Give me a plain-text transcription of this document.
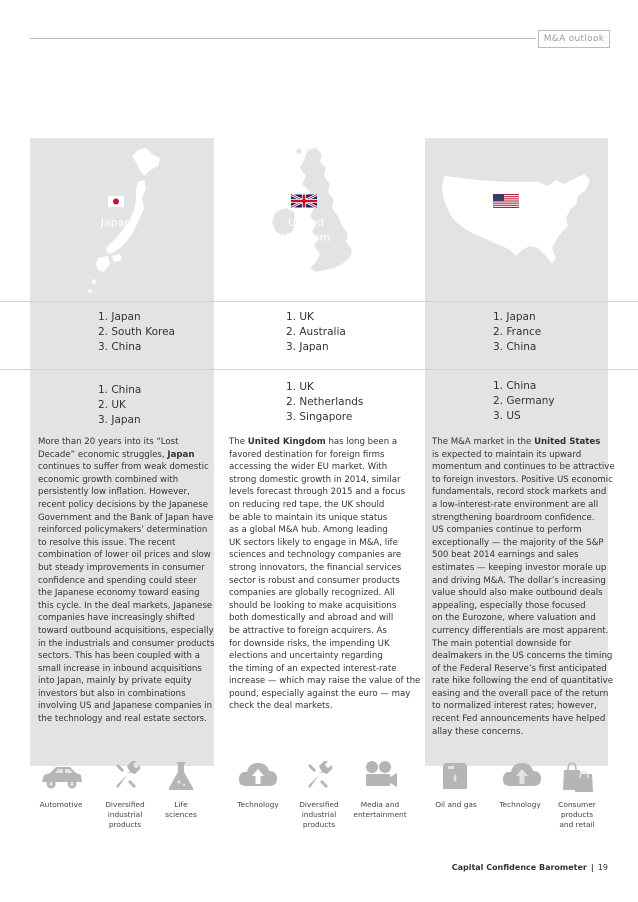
M&A outlook
Japan	United
Kingdom
United
States
1. Japan
2. South Korea
3. China
1. UK
2. Australia
3. Japan
1. Japan
2. France
3. China
1. China
2. UK
3. Japan
1. UK
2. Netherlands
3. Singapore
1. China
2. Germany
3. US
More than 20 years into its “Lost
Decade” economic struggles, Japan
continues to suffer from weak domestic
economic growth combined with
persistently low inflation. However,
recent policy decisions by the Japanese
Government and the Bank of Japan have
reinforced policymakers’ determination
to resolve this issue. The recent
combination of lower oil prices and slow
but steady improvements in consumer
confidence and spending could steer
the Japanese economy toward easing
this cycle. In the deal markets, Japanese
companies have increasingly shifted
toward outbound acquisitions, especially
in the industrials and consumer products
sectors. This has been coupled with a
small increase in inbound acquisitions
into Japan, mainly by private equity
investors but also in combinations
involving US and Japanese companies in
the technology and real estate sectors.
The United Kingdom has long been a
favored destination for foreign firms
accessing the wider EU market. With
strong domestic growth in 2014, similar
levels forecast through 2015 and a focus
on reducing red tape, the UK should
be able to maintain its unique status
as a global M&A hub. Among leading
UK sectors likely to engage in M&A, life
sciences and technology companies are
strong innovators, the financial services
sector is robust and consumer products
companies are globally recognized. All
should be looking to make acquisitions
both domestically and abroad and will
be attractive to foreign acquirers. As
for downside risks, the impending UK
elections and uncertainty regarding
the timing of an expected interest-rate
increase — which may raise the value of the
pound, especially against the euro — may
check the deal markets.
The M&A market in the United States
is expected to maintain its upward
momentum and continues to be attractive
to foreign investors. Positive US economic
fundamentals, record stock markets and
a low-interest-rate environment are all
strengthening boardroom confidence.
US companies continue to perform
exceptionally — the majority of the S&P
500 beat 2014 earnings and sales
estimates — keeping investor morale up
and driving M&A. The dollar’s increasing
value should also make outbound deals
appealing, especially those focused
on the Eurozone, where valuation and
currency differentials are most apparent.
The main potential downside for
dealmakers in the US concerns the timing
of the Federal Reserve’s first anticipated
rate hike following the end of quantitative
easing and the overall pace of the return
to normalized interest rates; however,
recent Fed announcements have helped
allay these concerns.
Automotive	Diversified
industrial
products
Life
sciences
Technology	Diversified
industrial
products
Media and
entertainment
Oil and gas	Technology	Consumer
products
and retail
Capital Confidence Barometer | 19
